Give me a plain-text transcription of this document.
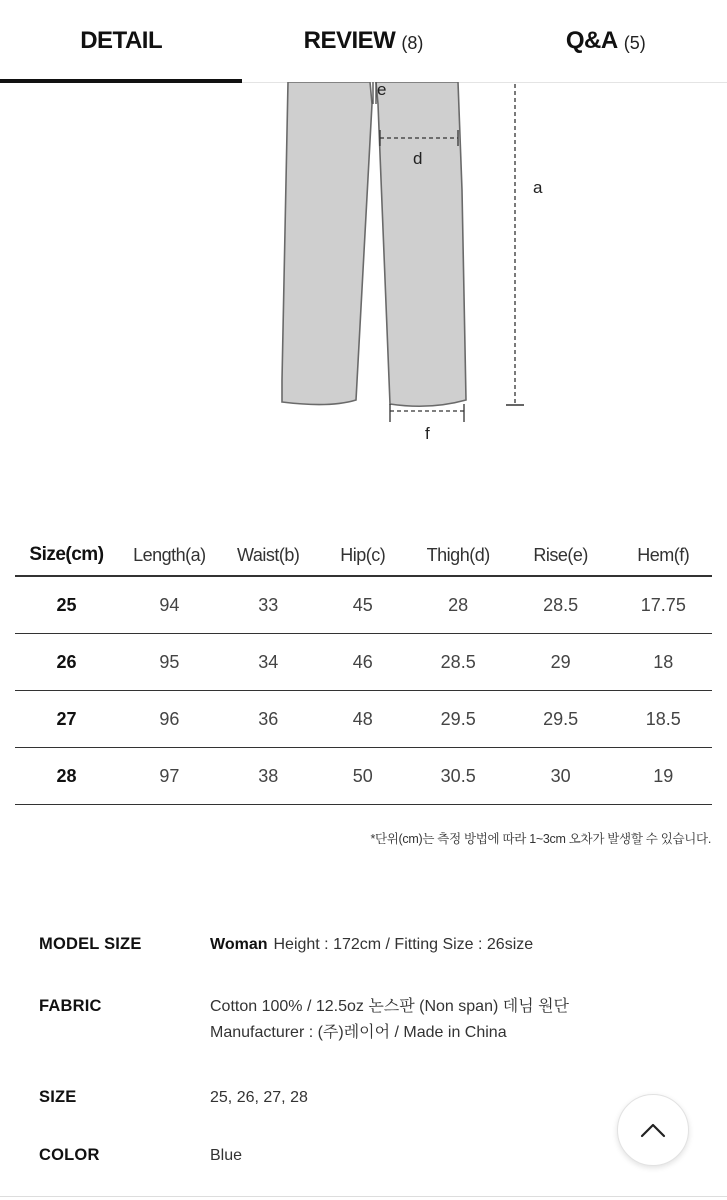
DETAIL	REVIEW (8)	Q&A (5)
e
d
a
f
Size(cm)	Length(a)	Waist(b)	Hip(c)	Thigh(d)	Rise(e)	Hem(f)
25	94	33	45	28	28.5	17.75
26	95	34	46	28.5	29	18
27	96	36	48	29.5	29.5	18.5
28	97	38	50	30.5	30	19
*단위(cm)는 측정 방법에 따라 1~3cm 오차가 발생할 수 있습니다.
MODEL SIZE	Woman Height : 172cm / Fitting Size : 26size
FABRIC	Cotton 100% / 12.5oz 논스판 (Non span) 데님 원단
Manufacturer : (주)레이어 / Made in China
SIZE	25, 26, 27, 28
COLOR	Blue
